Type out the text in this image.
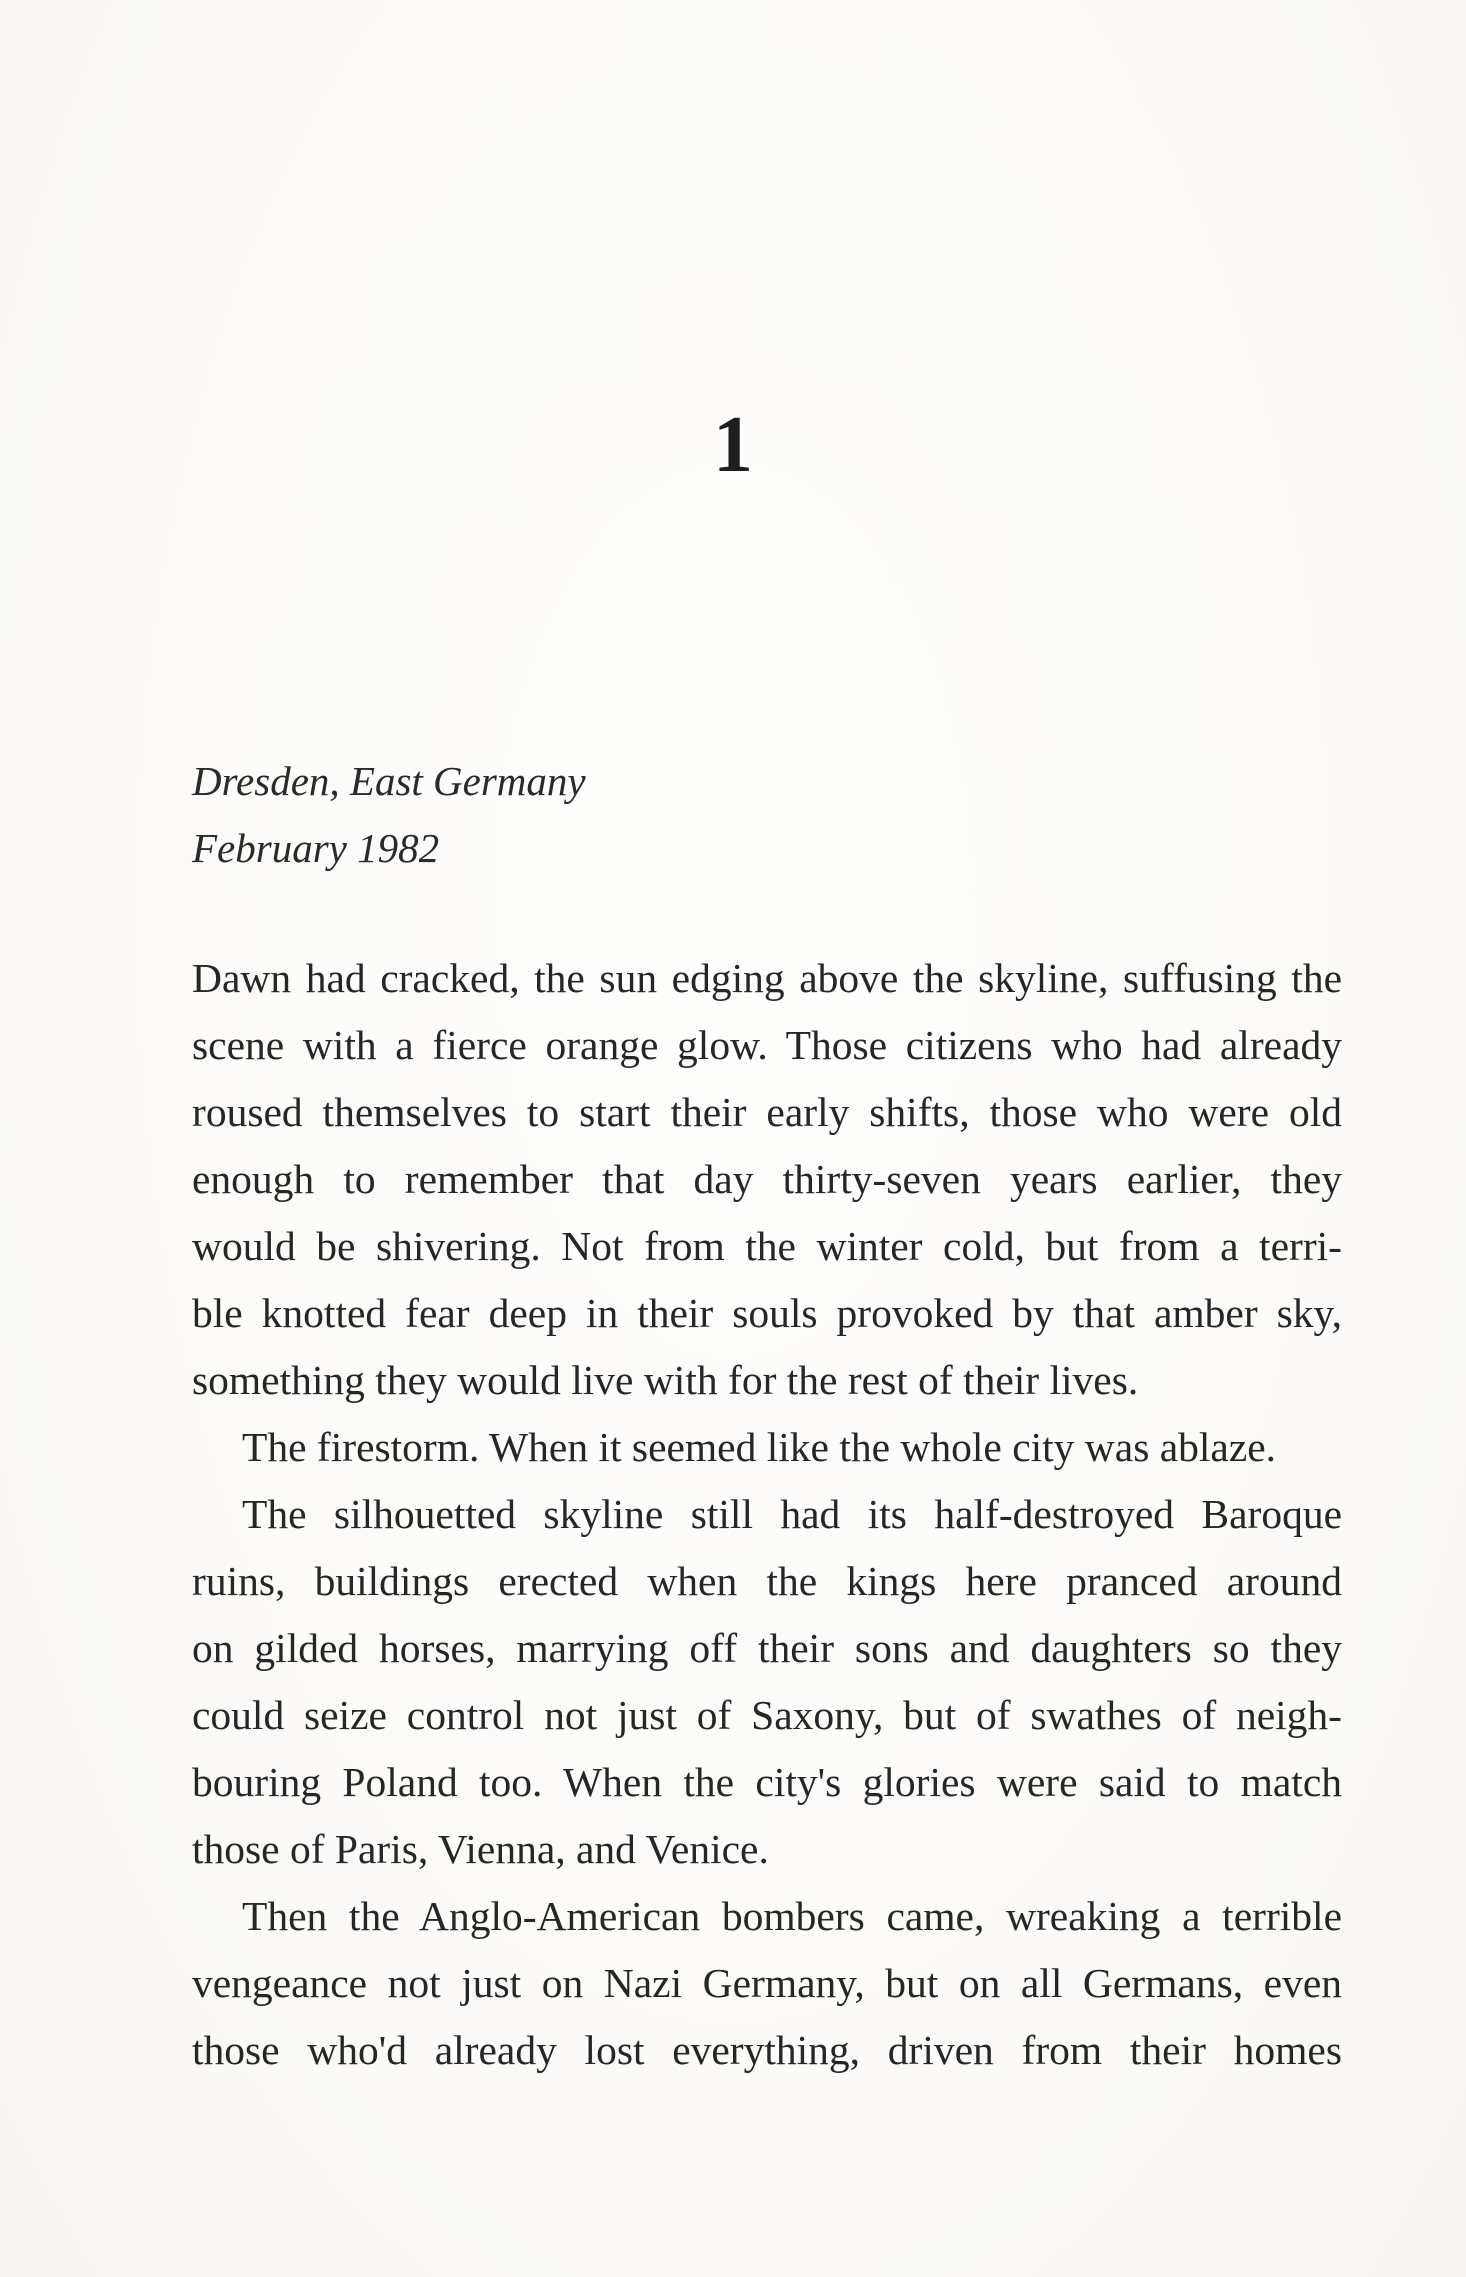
1
Dresden, East Germany
February 1982
Dawn had cracked, the sun edging above the skyline, suffusing the
scene with a fierce orange glow. Those citizens who had already
roused themselves to start their early shifts, those who were old
enough to remember that day thirty-seven years earlier, they
would be shivering. Not from the winter cold, but from a terri-
ble knotted fear deep in their souls provoked by that amber sky,
something they would live with for the rest of their lives.
The firestorm. When it seemed like the whole city was ablaze.
The silhouetted skyline still had its half-destroyed Baroque
ruins, buildings erected when the kings here pranced around
on gilded horses, marrying off their sons and daughters so they
could seize control not just of Saxony, but of swathes of neigh-
bouring Poland too. When the city's glories were said to match
those of Paris, Vienna, and Venice.
Then the Anglo-American bombers came, wreaking a terrible
vengeance not just on Nazi Germany, but on all Germans, even
those who'd already lost everything, driven from their homes
